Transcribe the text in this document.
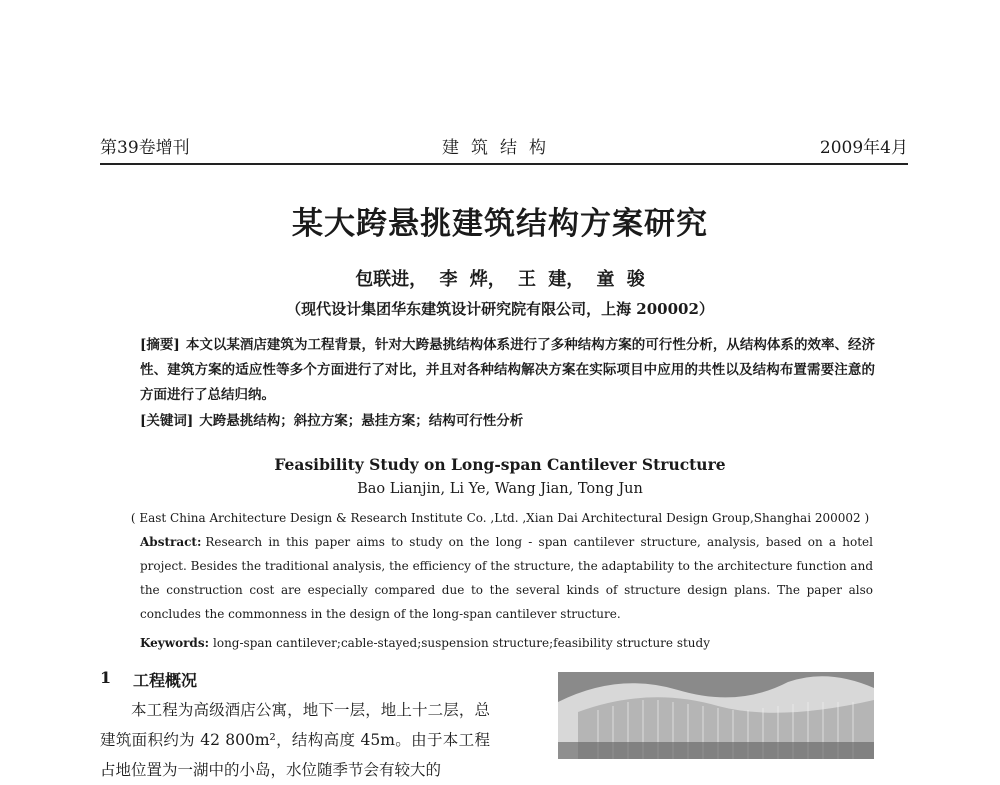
第39卷增刊	建筑结构	2009年4月
某大跨悬挑建筑结构方案研究
包联进， 李 烨， 王 建， 童 骏
（现代设计集团华东建筑设计研究院有限公司，上海 200002）
[摘要] 本文以某酒店建筑为工程背景，针对大跨悬挑结构体系进行了多种结构方案的可行性分析，从结构体系的效率、经济性、建筑方案的适应性等多个方面进行了对比，并且对各种结构解决方案在实际项目中应用的共性以及结构布置需要注意的方面进行了总结归纳。
[关键词] 大跨悬挑结构；斜拉方案；悬挂方案；结构可行性分析
Feasibility Study on Long-span Cantilever Structure
Bao Lianjin, Li Ye, Wang Jian, Tong Jun
( East China Architecture Design & Research Institute Co. ,Ltd. ,Xian Dai Architectural Design Group,Shanghai 200002 )
Abstract: Research in this paper aims to study on the long - span cantilever structure, analysis, based on a hotel project. Besides the traditional analysis, the efficiency of the structure, the adaptability to the architecture function and the construction cost are especially compared due to the several kinds of structure design plans. The paper also concludes the commonness in the design of the long-span cantilever structure.
Keywords: long-span cantilever;cable-stayed;suspension structure;feasibility structure study
1 工程概况
本工程为高级酒店公寓，地下一层，地上十二层，总建筑面积约为 42 800m²，结构高度 45m。由于本工程占地位置为一湖中的小岛，水位随季节会有较大的
